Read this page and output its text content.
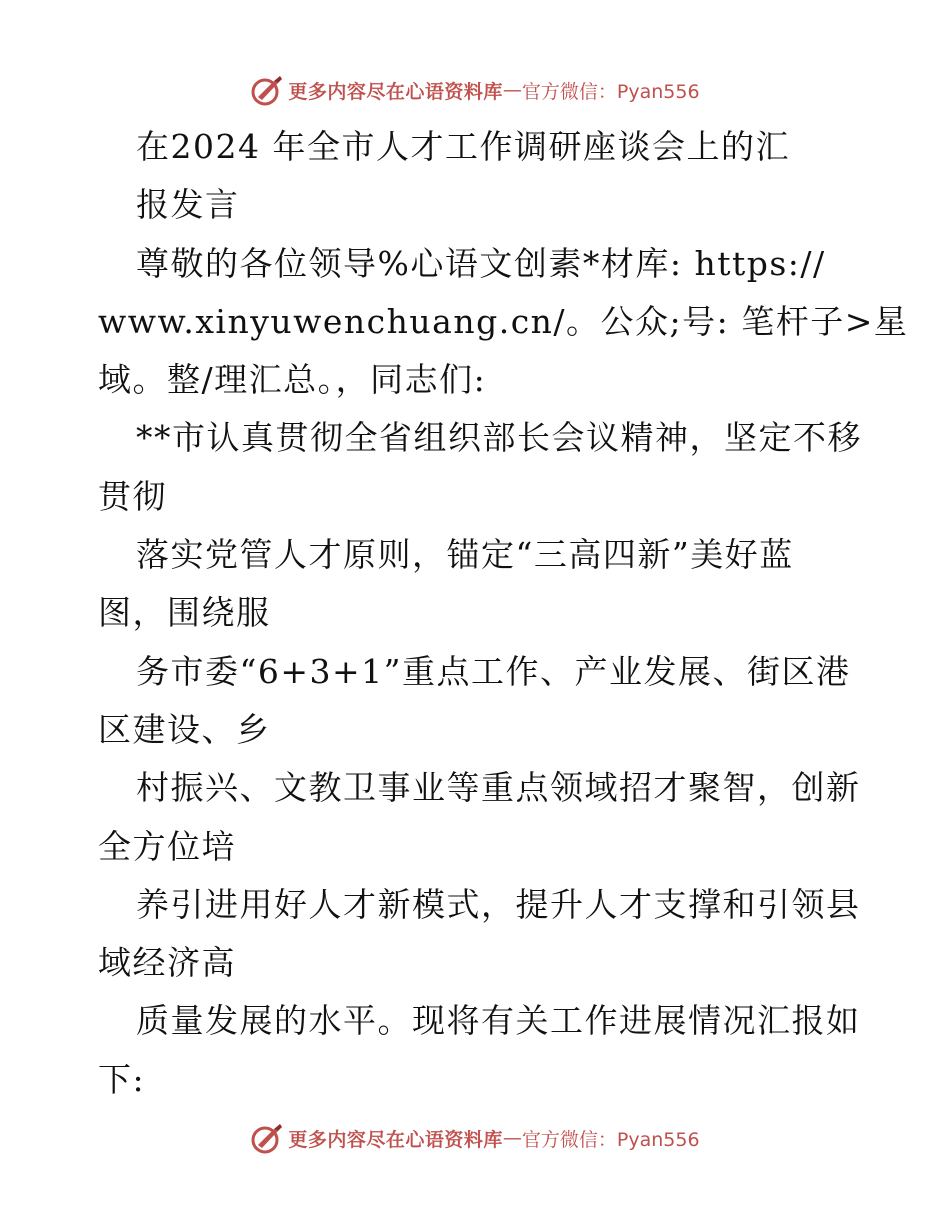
更多内容尽在心语资料库 — 官方微信：Pyan556
在2024 年全市人才工作调研座谈会上的汇
报发言
尊敬的各位领导%心语文创素*材库: https://
www.xinyuwenchuang.cn/。公众;号: 笔杆子>星
域。整/理汇总。，同志们:
**市认真贯彻全省组织部长会议精神，坚定不移
贯彻
落实党管人才原则，锚定“三高四新”美好蓝
图，围绕服
务市委“6+3+1”重点工作、产业发展、街区港
区建设、乡
村振兴、文教卫事业等重点领域招才聚智，创新
全方位培
养引进用好人才新模式，提升人才支撑和引领县
域经济高
质量发展的水平。现将有关工作进展情况汇报如
下:
更多内容尽在心语资料库 — 官方微信：Pyan556
